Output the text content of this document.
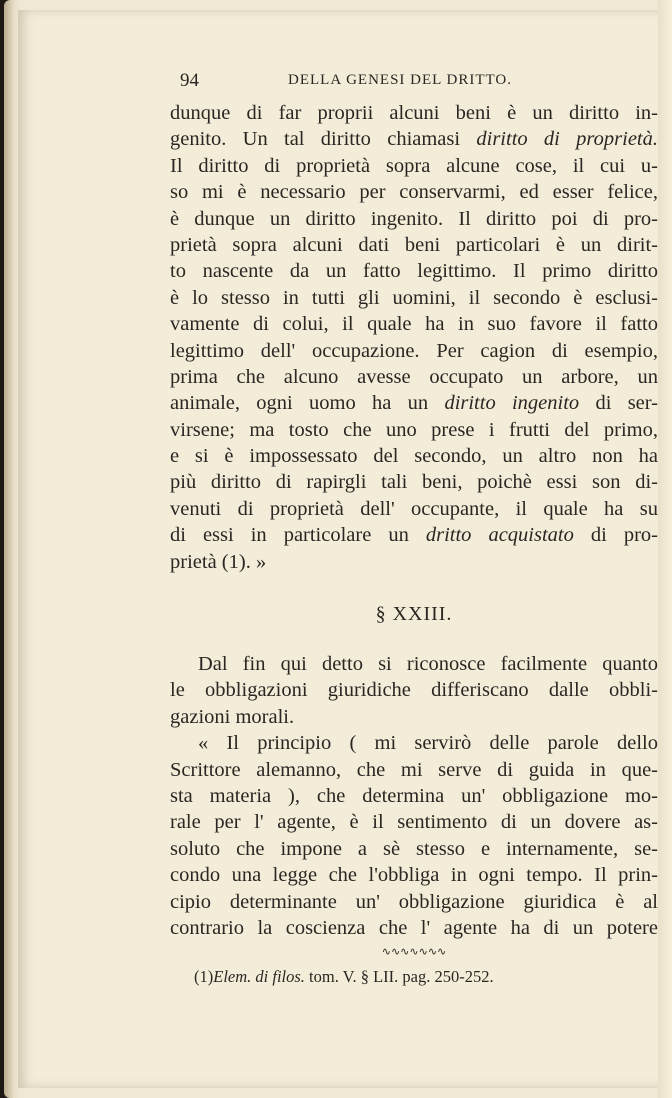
94	DELLA GENESI DEL DRITTO.
dunque di far proprii alcuni beni è un diritto in-
genito. Un tal diritto chiamasi diritto di proprietà.
Il diritto di proprietà sopra alcune cose, il cui u-
so mi è necessario per conservarmi, ed esser felice,
è dunque un diritto ingenito. Il diritto poi di pro-
prietà sopra alcuni dati beni particolari è un dirit-
to nascente da un fatto legittimo. Il primo diritto
è lo stesso in tutti gli uomini, il secondo è esclusi-
vamente di colui, il quale ha in suo favore il fatto
legittimo dell' occupazione. Per cagion di esempio,
prima che alcuno avesse occupato un arbore, un
animale, ogni uomo ha un diritto ingenito di ser-
virsene; ma tosto che uno prese i frutti del primo,
e si è impossessato del secondo, un altro non ha
più diritto di rapirgli tali beni, poichè essi son di-
venuti di proprietà dell' occupante, il quale ha su
di essi in particolare un dritto acquistato di pro-
prietà (1). »
§ XXIII.
Dal fin qui detto si riconosce facilmente quanto
le obbligazioni giuridiche differiscano dalle obbli-
gazioni morali.
« Il principio ( mi servirò delle parole dello
Scrittore alemanno, che mi serve di guida in que-
sta materia ), che determina un' obbligazione mo-
rale per l' agente, è il sentimento di un dovere as-
soluto che impone a sè stesso e internamente, se-
condo una legge che l'obbliga in ogni tempo. Il prin-
cipio determinante un' obbligazione giuridica è al
contrario la coscienza che l' agente ha di un potere
∿∿∿∿∿∿∿
(1)Elem. di filos. tom. V. § LII. pag. 250-252.
